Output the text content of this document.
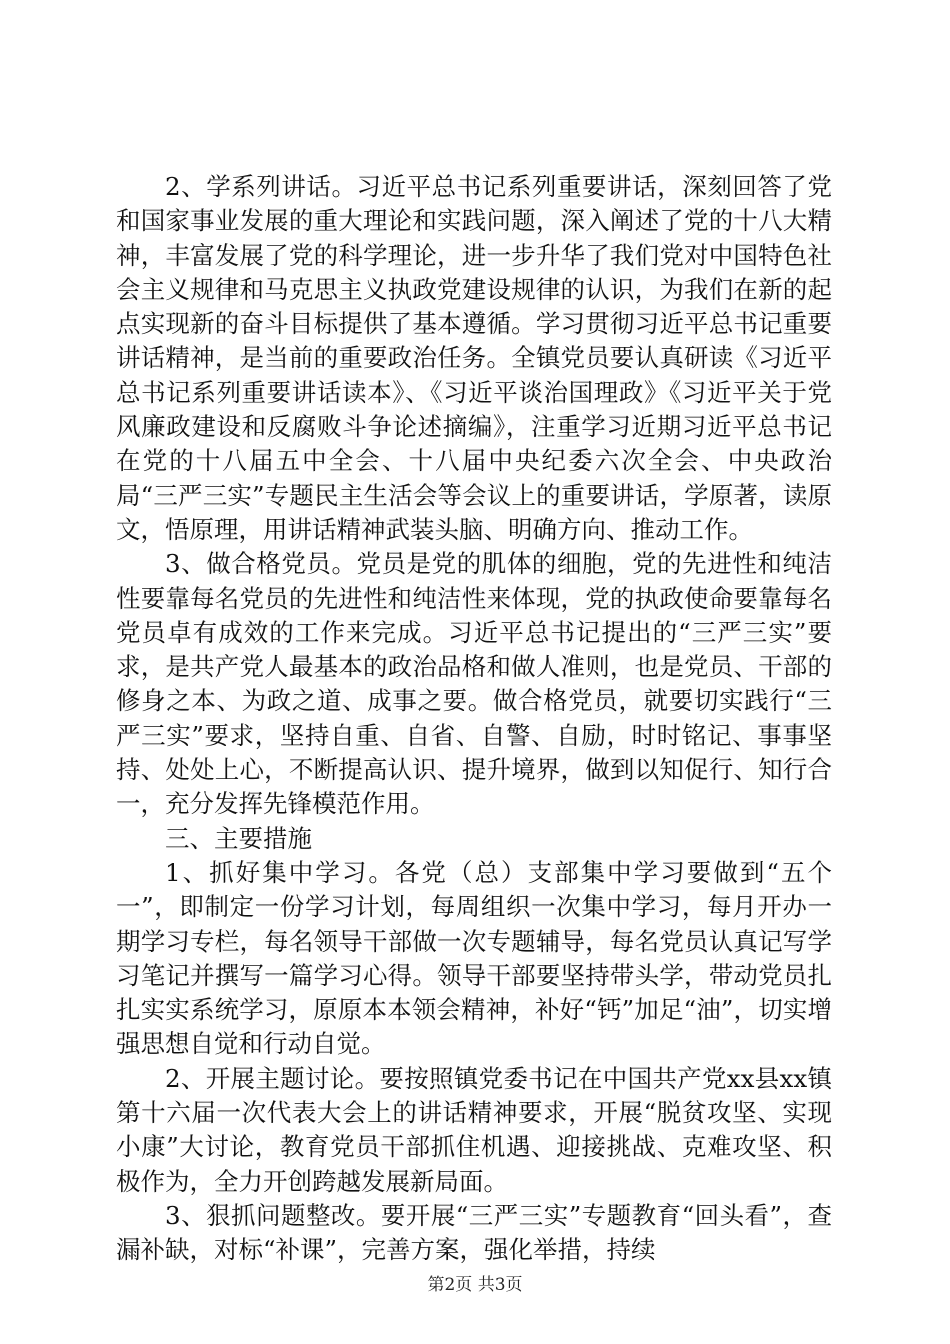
2、学系列讲话。习近平总书记系列重要讲话，深刻回答了党和国家事业发展的重大理论和实践问题，深入阐述了党的十八大精神，丰富发展了党的科学理论，进一步升华了我们党对中国特色社会主义规律和马克思主义执政党建设规律的认识，为我们在新的起点实现新的奋斗目标提供了基本遵循。学习贯彻习近平总书记重要讲话精神，是当前的重要政治任务。全镇党员要认真研读《习近平总书记系列重要讲话读本》、《习近平谈治国理政》《习近平关于党风廉政建设和反腐败斗争论述摘编》，注重学习近期习近平总书记在党的十八届五中全会、十八届中央纪委六次全会、中央政治局“三严三实”专题民主生活会等会议上的重要讲话，学原著，读原文，悟原理，用讲话精神武装头脑、明确方向、推动工作。

3、做合格党员。党员是党的肌体的细胞，党的先进性和纯洁性要靠每名党员的先进性和纯洁性来体现，党的执政使命要靠每名党员卓有成效的工作来完成。习近平总书记提出的“三严三实”要求，是共产党人最基本的政治品格和做人准则，也是党员、干部的修身之本、为政之道、成事之要。做合格党员，就要切实践行“三严三实”要求，坚持自重、自省、自警、自励，时时铭记、事事坚持、处处上心，不断提高认识、提升境界，做到以知促行、知行合一，充分发挥先锋模范作用。

三、主要措施

1、抓好集中学习。各党（总）支部集中学习要做到“五个一”，即制定一份学习计划，每周组织一次集中学习，每月开办一期学习专栏，每名领导干部做一次专题辅导，每名党员认真记写学习笔记并撰写一篇学习心得。领导干部要坚持带头学，带动党员扎扎实实系统学习，原原本本领会精神，补好“钙”加足“油”，切实增强思想自觉和行动自觉。

2、开展主题讨论。要按照镇党委书记在中国共产党xx县xx镇第十六届一次代表大会上的讲话精神要求，开展“脱贫攻坚、实现小康”大讨论，教育党员干部抓住机遇、迎接挑战、克难攻坚、积极作为，全力开创跨越发展新局面。

3、狠抓问题整改。要开展“三严三实”专题教育“回头看”，查漏补缺，对标“补课”，完善方案，强化举措，持续

第2页 共3页
